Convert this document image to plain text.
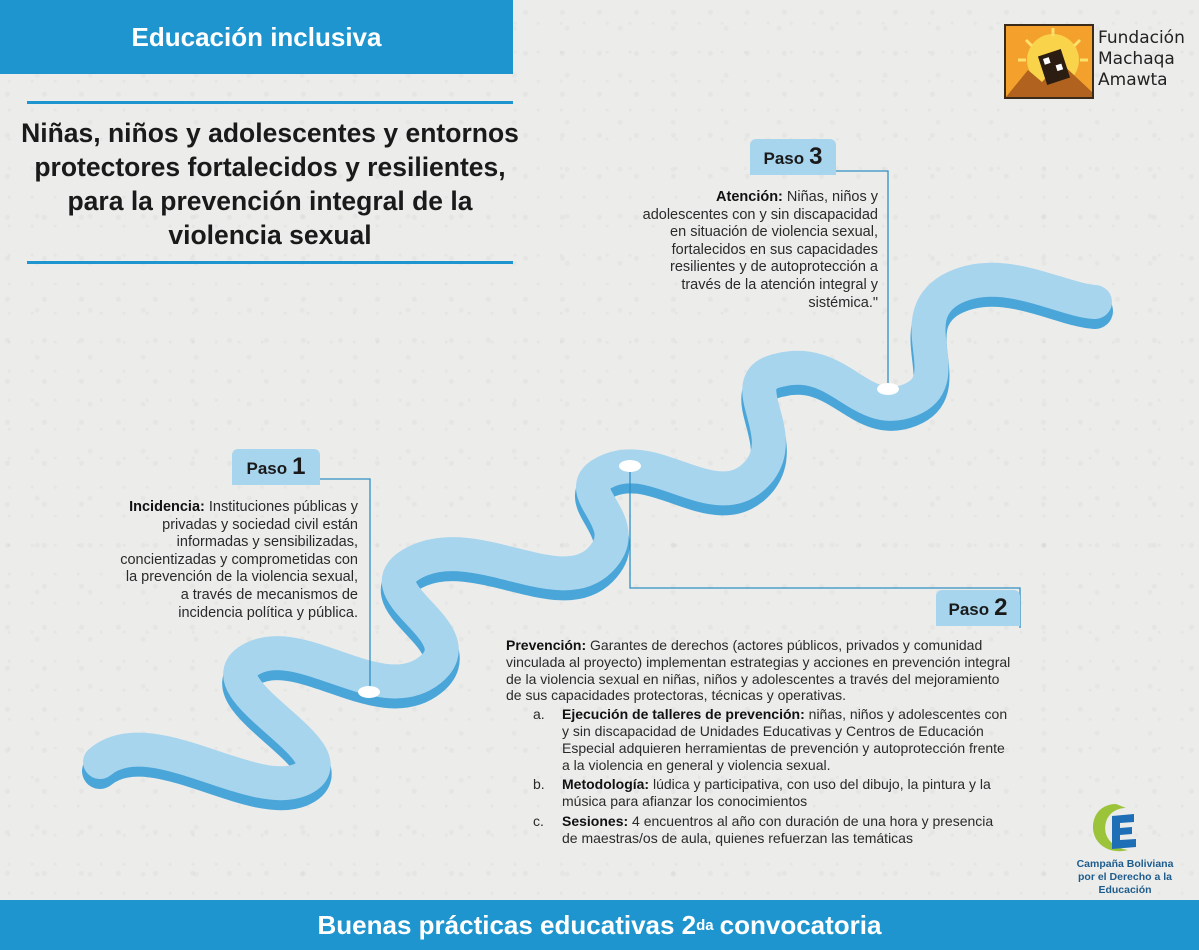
Educación inclusiva
Niñas, niños y adolescentes y entornos protectores fortalecidos y resilientes, para la prevención integral de la violencia sexual
Fundación
Machaqa
Amawta
Paso 3
Atención: Niñas, niños y adolescentes con y sin discapacidad en situación de violencia sexual, fortalecidos en sus capacidades resilientes y de autoprotección a través de la atención integral y sistémica."
Paso 1
Incidencia: Instituciones públicas y privadas y sociedad civil están informadas y sensibilizadas, concientizadas y comprometidas con la prevención de la violencia sexual, a través de mecanismos de incidencia política y pública.	Paso 2
Prevención: Garantes de derechos (actores públicos, privados y comunidad vinculada al proyecto) implementan estrategias y acciones en prevención integral de la violencia sexual en niñas, niños y adolescentes a través del mejoramiento de sus capacidades protectoras, técnicas y operativas.
a. Ejecución de talleres de prevención: niñas, niños y adolescentes con y sin discapacidad de Unidades Educativas y Centros de Educación Especial adquieren herramientas de prevención y autoprotección frente a la violencia en general y violencia sexual.
b. Metodología: lúdica y participativa, con uso del dibujo, la pintura y la música para afianzar los conocimientos
c. Sesiones: 4 encuentros al año con duración de una hora y presencia de maestras/os de aula, quienes refuerzan las temáticas
Campaña Boliviana
por el Derecho a la Educación
Buenas prácticas educativas 2 da convocatoria
